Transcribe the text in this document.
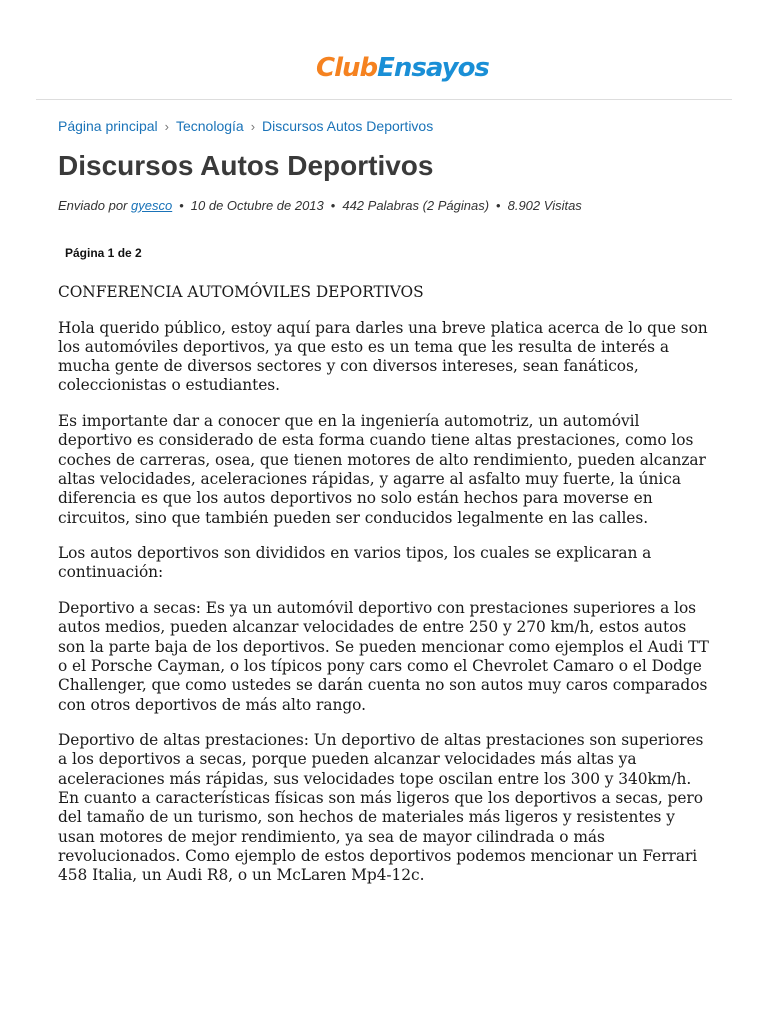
ClubEnsayos
Página principal › Tecnología › Discursos Autos Deportivos
Discursos Autos Deportivos
Enviado por gyesco • 10 de Octubre de 2013 • 442 Palabras (2 Páginas) • 8.902 Visitas
Página 1 de 2

CONFERENCIA AUTOMÓVILES DEPORTIVOS

Hola querido público, estoy aquí para darles una breve platica acerca de lo que son los automóviles deportivos, ya que esto es un tema que les resulta de interés a mucha gente de diversos sectores y con diversos intereses, sean fanáticos, coleccionistas o estudiantes.

Es importante dar a conocer que en la ingeniería automotriz, un automóvil deportivo es considerado de esta forma cuando tiene altas prestaciones, como los coches de carreras, osea, que tienen motores de alto rendimiento, pueden alcanzar altas velocidades, aceleraciones rápidas, y agarre al asfalto muy fuerte, la única diferencia es que los autos deportivos no solo están hechos para moverse en circuitos, sino que también pueden ser conducidos legalmente en las calles.

Los autos deportivos son divididos en varios tipos, los cuales se explicaran a continuación:

Deportivo a secas: Es ya un automóvil deportivo con prestaciones superiores a los autos medios, pueden alcanzar velocidades de entre 250 y 270 km/h, estos autos son la parte baja de los deportivos. Se pueden mencionar como ejemplos el Audi TT o el Porsche Cayman, o los típicos pony cars como el Chevrolet Camaro o el Dodge Challenger, que como ustedes se darán cuenta no son autos muy caros comparados con otros deportivos de más alto rango.

Deportivo de altas prestaciones: Un deportivo de altas prestaciones son superiores a los deportivos a secas, porque pueden alcanzar velocidades más altas ya aceleraciones más rápidas, sus velocidades tope oscilan entre los 300 y 340km/h. En cuanto a características físicas son más ligeros que los deportivos a secas, pero del tamaño de un turismo, son hechos de materiales más ligeros y resistentes y usan motores de mejor rendimiento, ya sea de mayor cilindrada o más revolucionados. Como ejemplo de estos deportivos podemos mencionar un Ferrari 458 Italia, un Audi R8, o un McLaren Mp4-12c.
